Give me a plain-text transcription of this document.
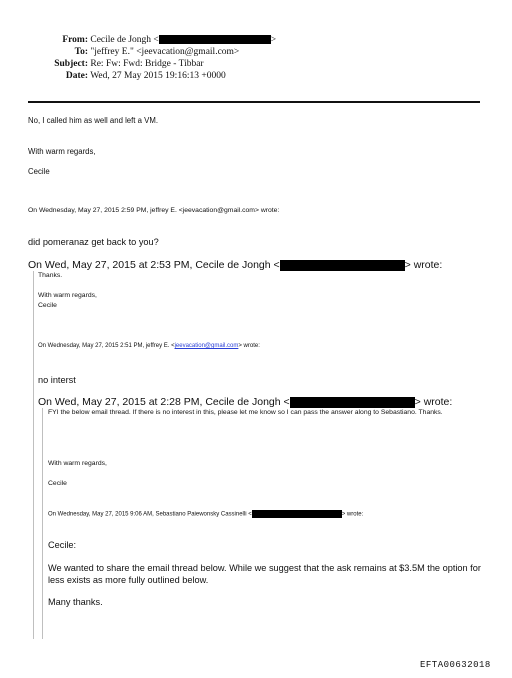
From: Cecile de Jongh <	>
To: "jeffrey E." <jeevacation@gmail.com>
Subject: Re: Fw: Fwd: Bridge - Tibbar
Date: Wed, 27 May 2015 19:16:13 +0000
No, I called him as well and left a VM.
With warm regards,
Cecile
On Wednesday, May 27, 2015 2:59 PM, jeffrey E. <jeevacation@gmail.com> wrote:
did pomeranaz get back to you?
On Wed, May 27, 2015 at 2:53 PM, Cecile de Jongh <	> wrote:
Thanks.
With warm regards,
Cecile
On Wednesday, May 27, 2015 2:51 PM, jeffrey E. <jeevacation@gmail.com> wrote:
no interst
On Wed, May 27, 2015 at 2:28 PM, Cecile de Jongh <	> wrote:
FYI the below email thread. If there is no interest in this, please let me know so I can pass the answer along to Sebastiano. Thanks.
With warm regards,
Cecile
On Wednesday, May 27, 2015 9:06 AM, Sebastiano Paiewonsky Cassinelli <	> wrote:
Cecile:
We wanted to share the email thread below. While we suggest that the ask remains at $3.5M the option for less exists as more fully outlined below.
Many thanks.
EFTA00632018
